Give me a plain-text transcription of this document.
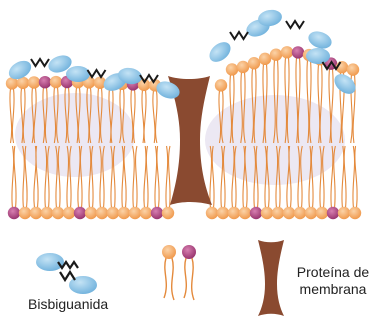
Bisbiguanida
Proteína de
membrana
